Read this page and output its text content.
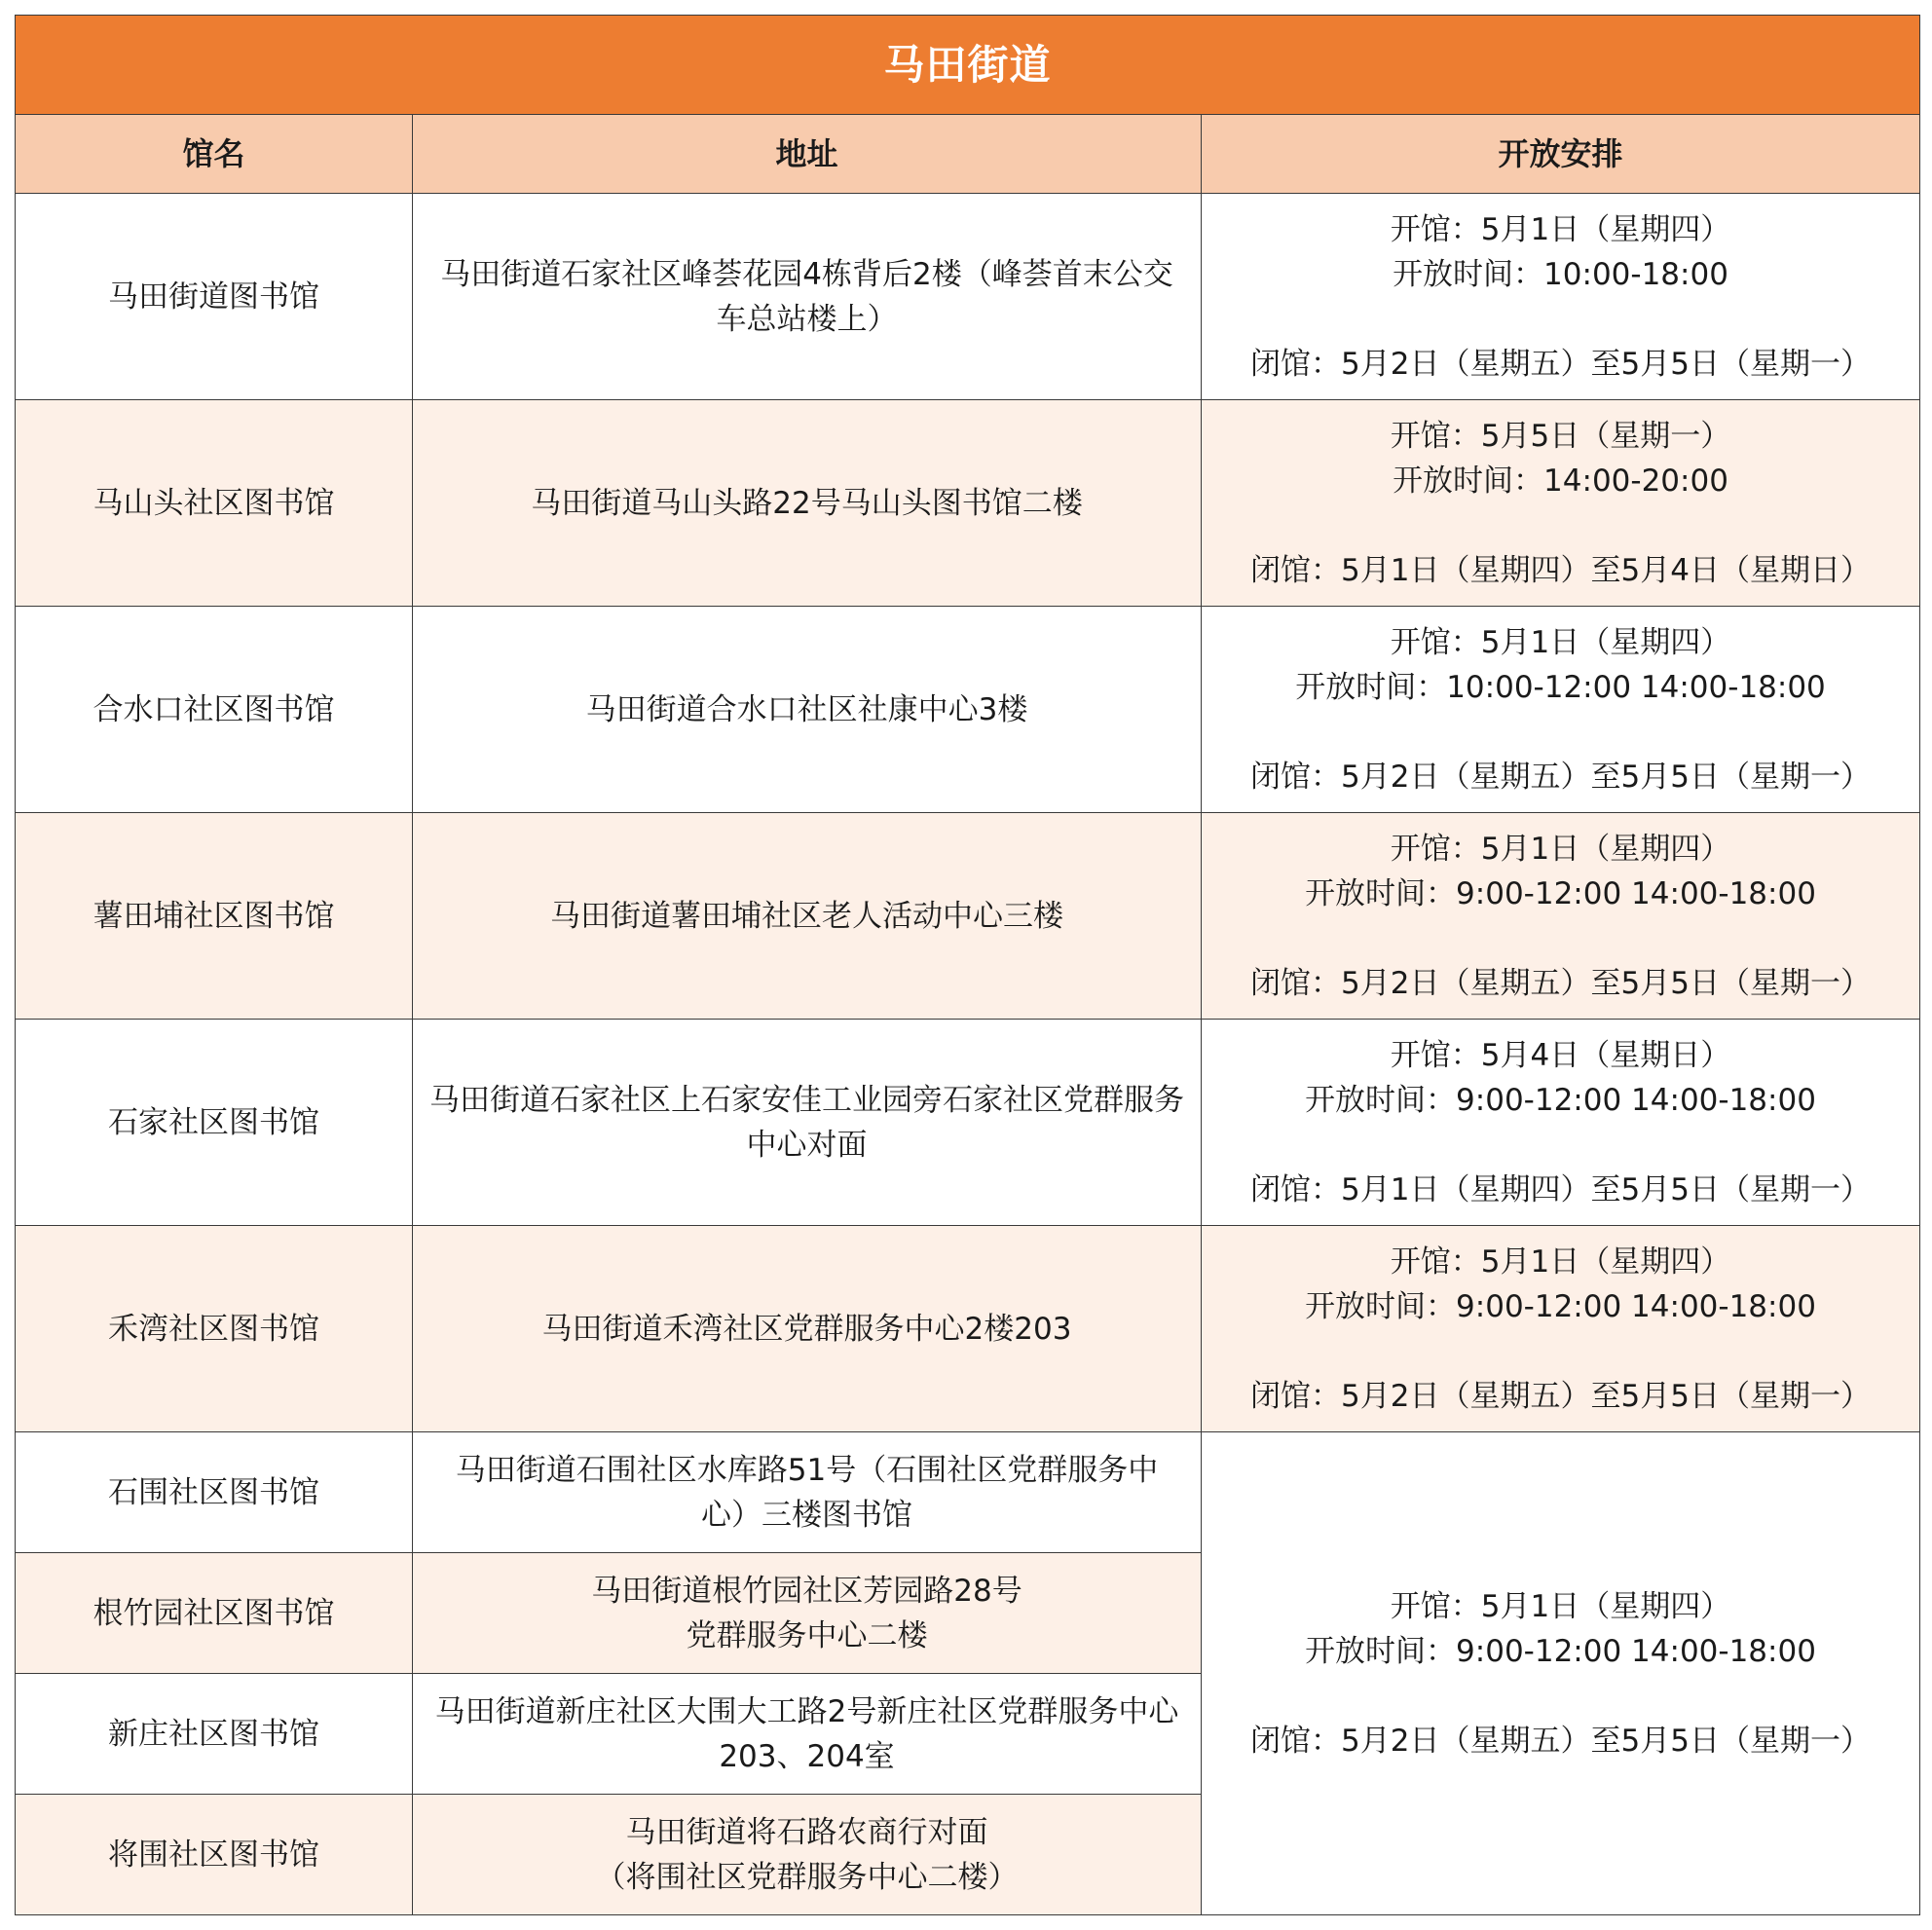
马田街道		
馆名	地址	开放安排
马田街道图书馆	马田街道石家社区峰荟花园4栋背后2楼（峰荟首末公交
车总站楼上）	开馆：5月1日（星期四）
开放时间：10:00-18:00
闭馆：5月2日（星期五）至5月5日（星期一）

马山头社区图书馆	马田街道马山头路22号马山头图书馆二楼	开馆：5月5日（星期一）
开放时间：14:00-20:00
闭馆：5月1日（星期四）至5月4日（星期日）

合水口社区图书馆	马田街道合水口社区社康中心3楼	开馆：5月1日（星期四）
开放时间：10:00-12:00 14:00-18:00
闭馆：5月2日（星期五）至5月5日（星期一）

薯田埔社区图书馆	马田街道薯田埔社区老人活动中心三楼	开馆：5月1日（星期四）
开放时间：9:00-12:00 14:00-18:00
闭馆：5月2日（星期五）至5月5日（星期一）

石家社区图书馆	马田街道石家社区上石家安佳工业园旁石家社区党群服务
中心对面	开馆：5月4日（星期日）
开放时间：9:00-12:00 14:00-18:00
闭馆：5月1日（星期四）至5月5日（星期一）

禾湾社区图书馆	马田街道禾湾社区党群服务中心2楼203	开馆：5月1日（星期四）
开放时间：9:00-12:00 14:00-18:00
闭馆：5月2日（星期五）至5月5日（星期一）

石围社区图书馆	马田街道石围社区水库路51号（石围社区党群服务中
心）三楼图书馆	开馆：5月1日（星期四）
开放时间：9:00-12:00 14:00-18:00
闭馆：5月2日（星期五）至5月5日（星期一）

根竹园社区图书馆	马田街道根竹园社区芳园路28号
党群服务中心二楼	

新庄社区图书馆	马田街道新庄社区大围大工路2号新庄社区党群服务中心
203、204室	

将围社区图书馆	马田街道将石路农商行对面
（将围社区党群服务中心二楼）	
